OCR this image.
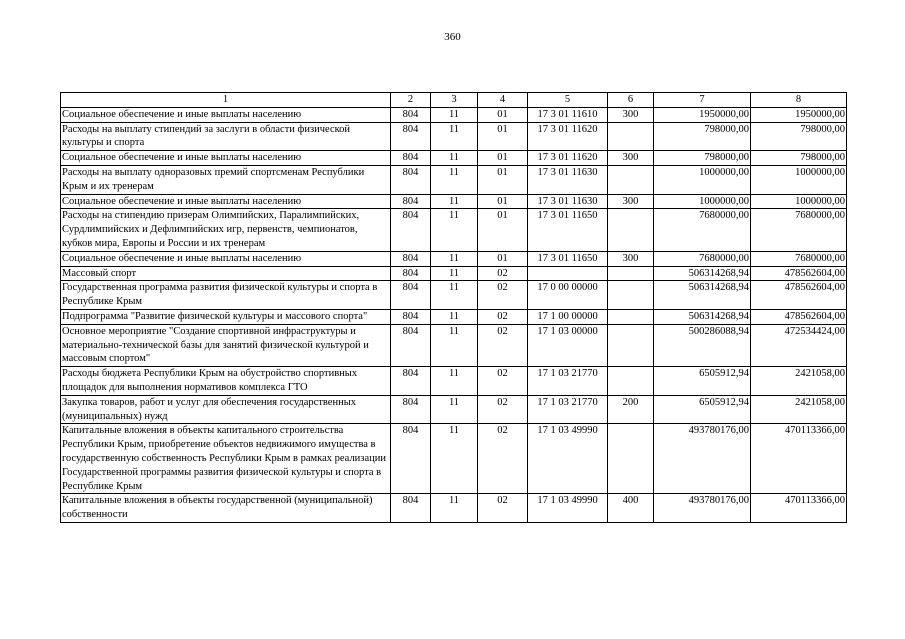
360
1	2	3	4	5	6	7	8
Социальное обеспечение и иные выплаты населению	804	11	01	17 3 01 11610	300	1950000,00	1950000,00
Расходы на выплату стипендий за заслуги в области физической культуры и спорта	804	11	01	17 3 01 11620		798000,00	798000,00
Социальное обеспечение и иные выплаты населению	804	11	01	17 3 01 11620	300	798000,00	798000,00
Расходы на выплату одноразовых премий спортсменам Республики Крым и их тренерам	804	11	01	17 3 01 11630		1000000,00	1000000,00
Социальное обеспечение и иные выплаты населению	804	11	01	17 3 01 11630	300	1000000,00	1000000,00
Расходы на стипендию призерам Олимпийских, Паралимпийских, Сурдлимпийских и Дефлимпийских игр, первенств, чемпионатов, кубков мира, Европы и России и их тренерам	804	11	01	17 3 01 11650		7680000,00	7680000,00
Социальное обеспечение и иные выплаты населению	804	11	01	17 3 01 11650	300	7680000,00	7680000,00
Массовый спорт	804	11	02			506314268,94	478562604,00
Государственная программа развития физической культуры и спорта в Республике Крым	804	11	02	17 0 00 00000		506314268,94	478562604,00
Подпрограмма "Развитие физической культуры и массового спорта"	804	11	02	17 1 00 00000		506314268,94	478562604,00
Основное мероприятие "Создание спортивной инфраструктуры и материально-технической базы для занятий физической культурой и массовым спортом"	804	11	02	17 1 03 00000		500286088,94	472534424,00
Расходы бюджета Республики Крым на обустройство спортивных площадок для выполнения нормативов комплекса ГТО	804	11	02	17 1 03 21770		6505912,94	2421058,00
Закупка товаров, работ и услуг для обеспечения государственных (муниципальных) нужд	804	11	02	17 1 03 21770	200	6505912,94	2421058,00
Капитальные вложения в объекты капитального строительства Республики Крым, приобретение объектов недвижимого имущества в государственную собственность Республики Крым в рамках реализации Государственной программы развития физической культуры и спорта в Республике Крым	804	11	02	17 1 03 49990		493780176,00	470113366,00
Капитальные вложения в объекты государственной (муниципальной) собственности	804	11	02	17 1 03 49990	400	493780176,00	470113366,00
